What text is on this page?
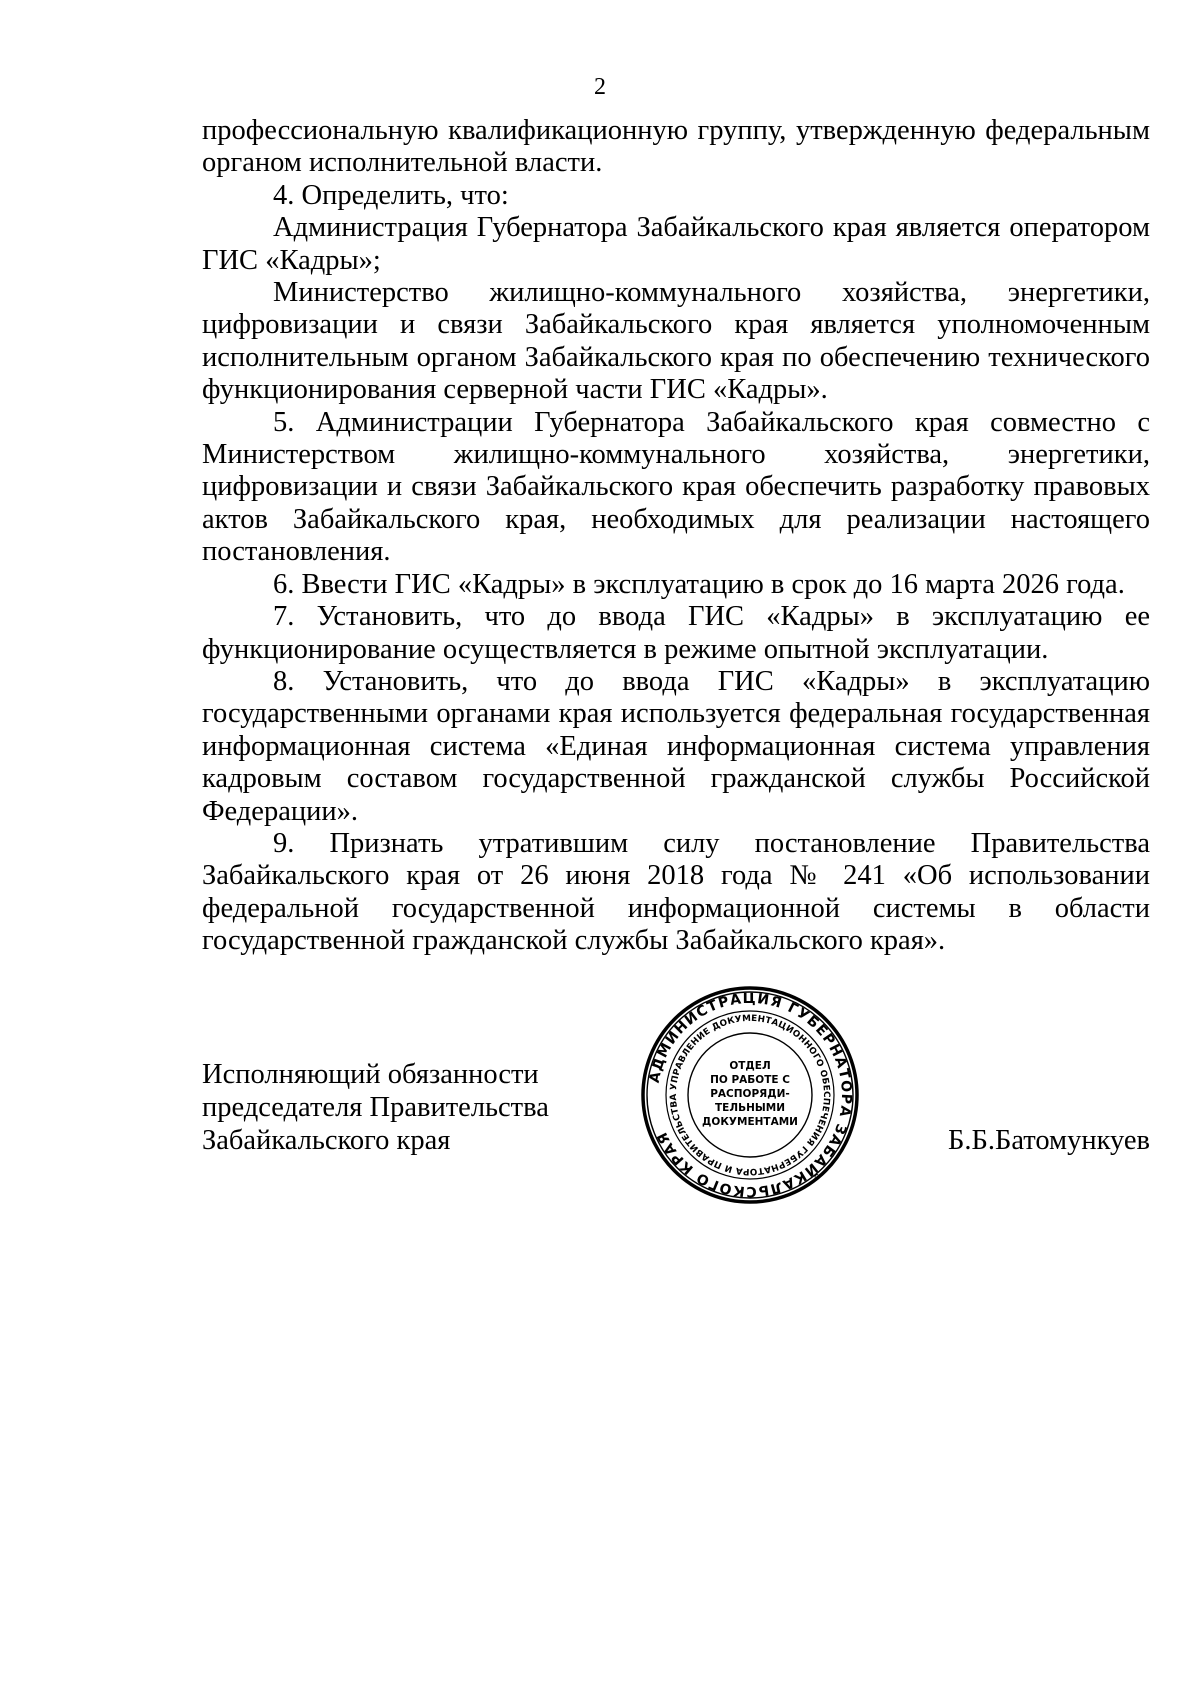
2

профессиональную квалификационную группу, утвержденную федеральным органом исполнительной власти.

4. Определить, что:

Администрация Губернатора Забайкальского края является оператором ГИС «Кадры»;

Министерство жилищно-коммунального хозяйства, энергетики, цифровизации и связи Забайкальского края является уполномоченным исполнительным органом Забайкальского края по обеспечению технического функционирования серверной части ГИС «Кадры».

5. Администрации Губернатора Забайкальского края совместно с Министерством жилищно-коммунального хозяйства, энергетики, цифровизации и связи Забайкальского края обеспечить разработку правовых актов Забайкальского края, необходимых для реализации настоящего постановления.

6. Ввести ГИС «Кадры» в эксплуатацию в срок до 16 марта 2026 года.

7. Установить, что до ввода ГИС «Кадры» в эксплуатацию ее функционирование осуществляется в режиме опытной эксплуатации.

8. Установить, что до ввода ГИС «Кадры» в эксплуатацию государственными органами края используется федеральная государственная информационная система «Единая информационная система управления кадровым составом государственной гражданской службы Российской Федерации».

9. Признать утратившим силу постановление Правительства Забайкальского края от 26 июня 2018 года № 241 «Об использовании федеральной государственной информационной системы в области государственной гражданской службы Забайкальского края».

Исполняющий обязанности
председателя Правительства
Забайкальского края
АДМИНИСТРАЦИЯ ГУБЕРНАТОРА ЗАБАЙКАЛЬСКОГО КРАЯ
УПРАВЛЕНИЕ ДОКУМЕНТАЦИОННОГО ОБЕСПЕЧЕНИЯ ГУБЕРНАТОРА И ПРАВИТЕЛЬСТВА
ОТДЕЛ
ПО РАБОТЕ С
РАСПОРЯДИ-
ТЕЛЬНЫМИ
ДОКУМЕНТАМИ
Б.Б.Батомункуев
